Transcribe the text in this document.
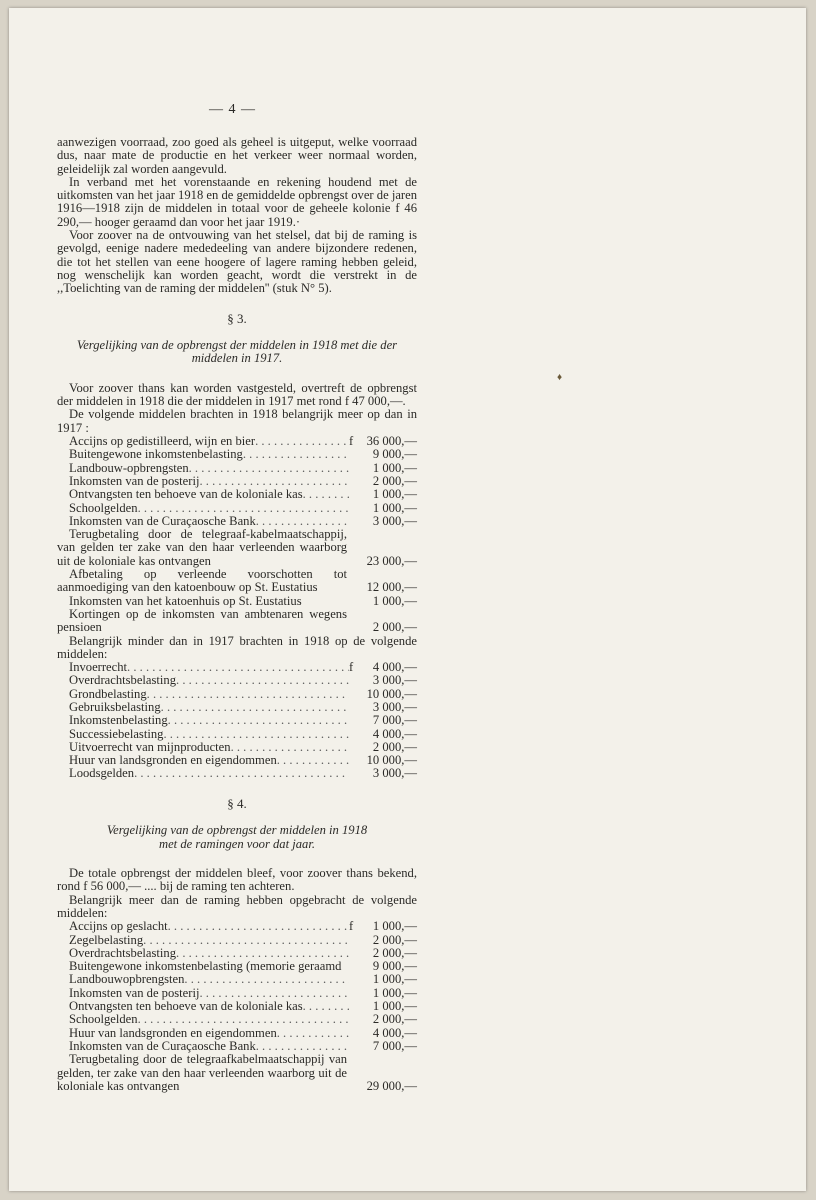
— 4 —

aanwezigen voorraad, zoo goed als geheel is uitgeput, welke voorraad dus, naar mate de productie en het verkeer weer normaal worden, geleidelijk zal worden aangevuld.

In verband met het vorenstaande en rekening houdend met de uitkomsten van het jaar 1918 en de gemiddelde opbrengst over de jaren 1916—1918 zijn de middelen in totaal voor de geheele kolonie f 46 290,— hooger geraamd dan voor het jaar 1919.·

Voor zoover na de ontvouwing van het stelsel, dat bij de raming is gevolgd, eenige nadere mededeeling van andere bijzondere redenen, die tot het stellen van eene hoogere of lagere raming hebben geleid, nog wenschelijk kan worden geacht, wordt die verstrekt in de ,,Toelichting van de raming der middelen'' (stuk N° 5).

§ 3.
Vergelijking van de opbrengst der middelen in 1918 met die der
middelen in 1917.

Voor zoover thans kan worden vastgesteld, overtreft de opbrengst der middelen in 1918 die der middelen in 1917 met rond f 47 000,—.

De volgende middelen brachten in 1918 belangrijk meer op dan in 1917 :

Accijns op gedistilleerd, wijn en bier . . .	f	36 000,—
Buitengewone inkomstenbelasting . . .	9 000,—
Landbouw-opbrengsten . . .	1 000,—
Inkomsten van de posterij . . .	2 000,—
Ontvangsten ten behoeve van de koloniale kas . . .	1 000,—
Schoolgelden . . .	1 000,—
Inkomsten van de Curaçaosche Bank . . .	3 000,—
Terugbetaling door de telegraaf-kabelmaatschappij, van gelden ter zake van den haar verleenden waarborg uit de koloniale kas ontvangen	23 000,—
Afbetaling op verleende voorschotten tot aanmoediging van den katoenbouw op St. Eustatius	12 000,—
Inkomsten van het katoenhuis op St. Eustatius	1 000,—
Kortingen op de inkomsten van ambtenaren wegens pensioen	2 000,—

Belangrijk minder dan in 1917 brachten in 1918 op de volgende middelen:

Invoerrecht . . .	f	4 000,—
Overdrachtsbelasting . . .	3 000,—
Grondbelasting . . .	10 000,—
Gebruiksbelasting . . .	3 000,—
Inkomstenbelasting . . .	7 000,—
Successiebelasting . . .	4 000,—
Uitvoerrecht van mijnproducten . . .	2 000,—
Huur van landsgronden en eigendommen . . .	10 000,—
Loodsgelden . . .	3 000,—
§ 4.
Vergelijking van de opbrengst der middelen in 1918
met de ramingen voor dat jaar.

De totale opbrengst der middelen bleef, voor zoover thans bekend, rond f 56 000,— .... bij de raming ten achteren.

Belangrijk meer dan de raming hebben opgebracht de volgende middelen:

Accijns op geslacht . . .	f	1 000,—
Zegelbelasting . . .	2 000,—
Overdrachtsbelasting . . .	2 000,—
Buitengewone inkomstenbelasting (memorie geraamd	9 000,—
Landbouwopbrengsten . . .	1 000,—
Inkomsten van de posterij . . .	1 000,—
Ontvangsten ten behoeve van de koloniale kas . . .	1 000,—
Schoolgelden . . .	2 000,—
Huur van landsgronden en eigendommen . . .	4 000,—
Inkomsten van de Curaçaosche Bank . . .	7 000,—
Terugbetaling door de telegraafkabelmaatschappij van gelden, ter zake van den haar verleenden waarborg uit de koloniale kas ontvangen	29 000,—
♦
